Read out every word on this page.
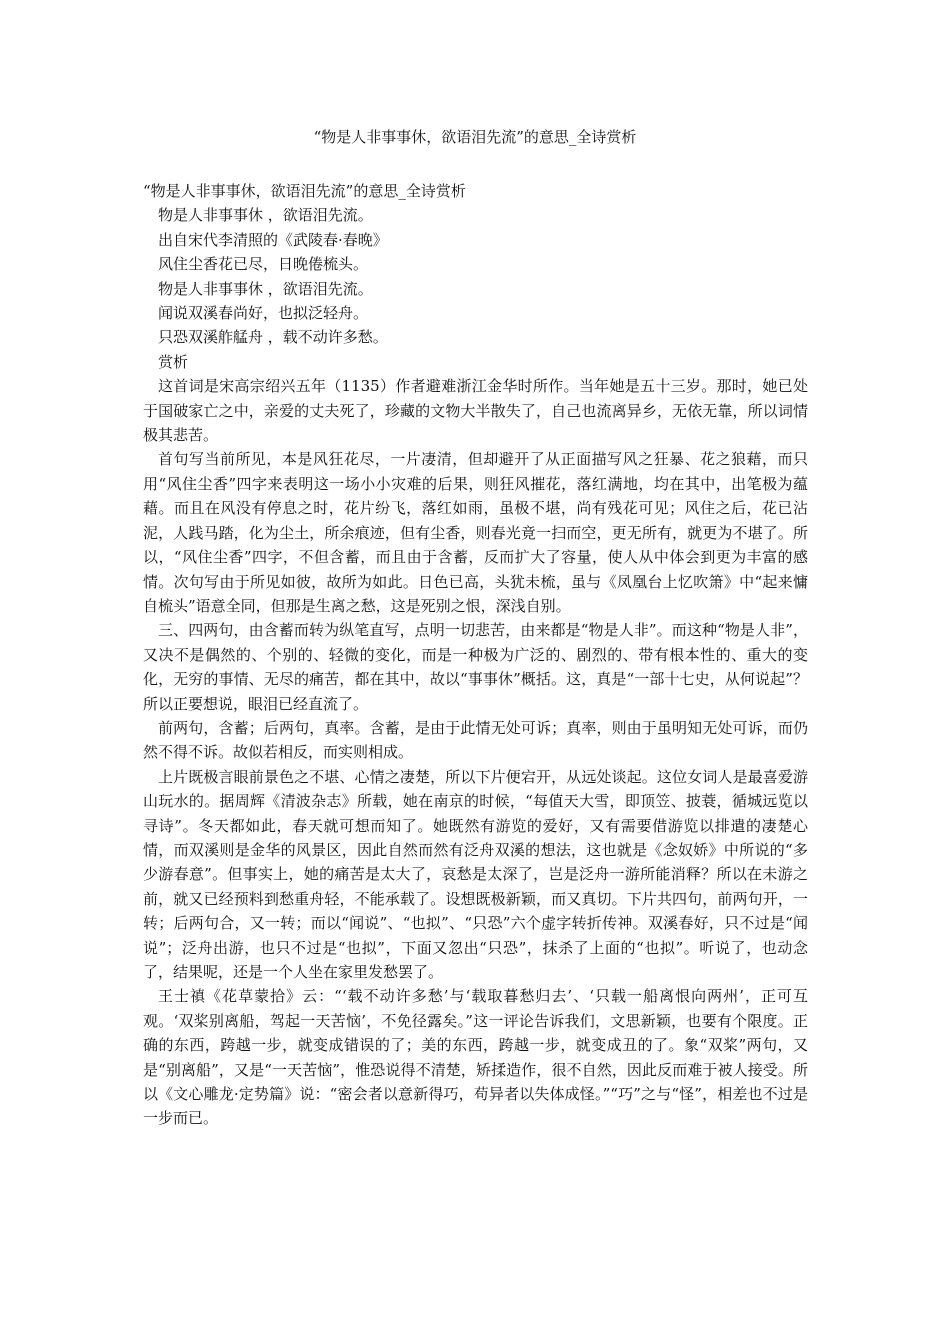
“物是人非事事休，欲语泪先流”的意思_全诗赏析

“物是人非事事休，欲语泪先流”的意思_全诗赏析

物是人非事事休 ，欲语泪先流。

出自宋代李清照的《武陵春·春晚》

风住尘香花已尽，日晚倦梳头。

物是人非事事休 ，欲语泪先流。

闻说双溪春尚好，也拟泛轻舟。

只恐双溪舴艋舟 ，载不动许多愁。

赏析

这首词是宋高宗绍兴五年（1135）作者避难浙江金华时所作。当年她是五十三岁。那时，她已处于国破家亡之中，亲爱的丈夫死了，珍藏的文物大半散失了，自己也流离异乡，无依无靠，所以词情极其悲苦。

首句写当前所见，本是风狂花尽，一片凄清，但却避开了从正面描写风之狂暴、花之狼藉，而只用“风住尘香”四字来表明这一场小小灾难的后果，则狂风摧花，落红满地，均在其中，出笔极为蕴藉。而且在风没有停息之时，花片纷飞，落红如雨，虽极不堪，尚有残花可见；风住之后，花已沾泥，人践马踏，化为尘土，所余痕迹，但有尘香，则春光竟一扫而空，更无所有，就更为不堪了。所以，“风住尘香”四字，不但含蓄，而且由于含蓄，反而扩大了容量，使人从中体会到更为丰富的感情。次句写由于所见如彼，故所为如此。日色已高，头犹未梳，虽与《凤凰台上忆吹箫》中“起来慵自梳头”语意全同，但那是生离之愁，这是死别之恨，深浅自别。

三、四两句，由含蓄而转为纵笔直写，点明一切悲苦，由来都是“物是人非”。而这种“物是人非”，又决不是偶然的、个别的、轻微的变化，而是一种极为广泛的、剧烈的、带有根本性的、重大的变化，无穷的事情、无尽的痛苦，都在其中，故以“事事休”概括。这，真是“一部十七史，从何说起”？所以正要想说，眼泪已经直流了。

前两句，含蓄；后两句，真率。含蓄，是由于此情无处可诉；真率，则由于虽明知无处可诉，而仍然不得不诉。故似若相反，而实则相成。

上片既极言眼前景色之不堪、心情之凄楚，所以下片便宕开，从远处谈起。这位女词人是最喜爱游山玩水的。据周辉《清波杂志》所载，她在南京的时候，“每值天大雪，即顶笠、披蓑，循城远览以寻诗”。冬天都如此，春天就可想而知了。她既然有游览的爱好，又有需要借游览以排遣的凄楚心情，而双溪则是金华的风景区，因此自然而然有泛舟双溪的想法，这也就是《念奴娇》中所说的“多少游春意”。但事实上，她的痛苦是太大了，哀愁是太深了，岂是泛舟一游所能消释？所以在未游之前，就又已经预料到愁重舟轻，不能承载了。设想既极新颖，而又真切。下片共四句，前两句开，一转；后两句合，又一转；而以“闻说”、“也拟”、“只恐”六个虚字转折传神。双溪春好，只不过是“闻说”；泛舟出游，也只不过是“也拟”，下面又忽出“只恐”，抹杀了上面的“也拟”。听说了，也动念了，结果呢，还是一个人坐在家里发愁罢了。

王士禛《花草蒙拾》云：“‘载不动许多愁’与‘载取暮愁归去’、‘只载一船离恨向两州’，正可互观。‘双桨别离船，驾起一天苦恼’，不免径露矣。”这一评论告诉我们，文思新颖，也要有个限度。正确的东西，跨越一步，就变成错误的了；美的东西，跨越一步，就变成丑的了。象“双桨”两句，又是“别离船”，又是“一天苦恼”，惟恐说得不清楚，矫揉造作，很不自然，因此反而难于被人接受。所以《文心雕龙·定势篇》说：“密会者以意新得巧，苟异者以失体成怪。”“巧”之与“怪”，相差也不过是一步而已。
